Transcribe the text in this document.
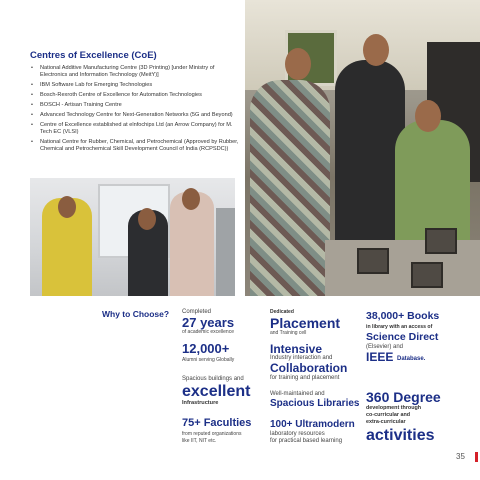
Centres of Excellence (CoE)
• National Additive Manufacturing Centre (3D Printing) [under Ministry of Electronics and Information Technology (MeitY)]
• IBM Software Lab for Emerging Technologies
• Bosch-Rexroth Centre of Excellence for Automation Technologies
• BOSCH - Artisan Training Centre
• Advanced Technology Centre for Next-Generation Networks (5G and Beyond)
• Centre of Excellence established at elnfochips Ltd (an Arrow Company) for M. Tech EC (VLSI)
• National Centre for Rubber, Chemical, and Petrochemical (Approved by Rubber, Chemical and Petrochemical Skill Development Council of India (RCPSDC))
Why to Choose? Completed
27 years
of academic excellence
12,000+
Alumni serving Globally
Spacious buildings and
excellent
Infrastructure
75+ Faculties
from reputed organizations
like IIT, NIT etc.
Dedicated
Placement
and Training cell
Intensive
Industry interaction and
Collaboration
for training and placement
Well-maintained and
Spacious Libraries
100+ Ultramodern
laboratory resources
for practical based learning
38,000+ Books
in library with an access of
Science Direct
(Elsevier) and
IEEE Database.
360 Degree
development through
co-curricular and
extra-curricular
activities
35
